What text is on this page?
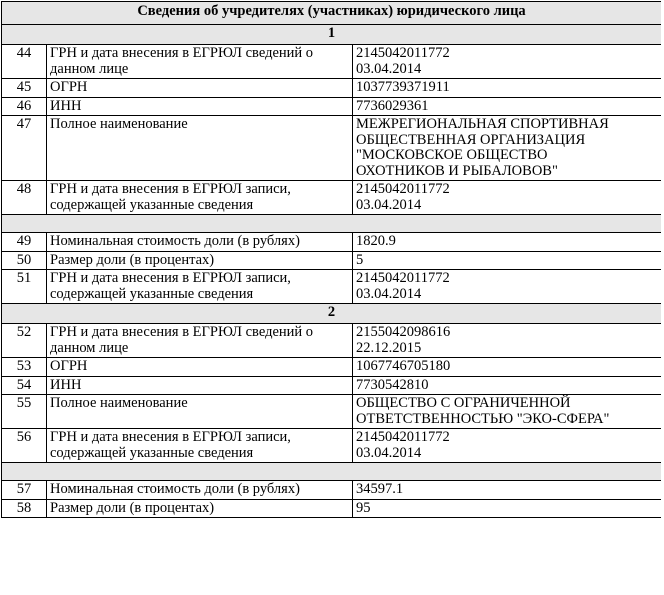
Сведения об учредителях (участниках) юридического лица		
1		
44	ГРН и дата внесения в ЕГРЮЛ сведений о данном лице	2145042011772
03.04.2014

45	ОГРН	1037739371911

46	ИНН	7736029361

47	Полное наименование	МЕЖРЕГИОНАЛЬНАЯ СПОРТИВНАЯ
ОБЩЕСТВЕННАЯ ОРГАНИЗАЦИЯ
"МОСКОВСКОЕ ОБЩЕСТВО
ОХОТНИКОВ И РЫБАЛОВОВ"

48	ГРН и дата внесения в ЕГРЮЛ записи, содержащей указанные сведения	2145042011772
03.04.2014

49	Номинальная стоимость доли (в рублях)	1820.9

50	Размер доли (в процентах)	5

51	ГРН и дата внесения в ЕГРЮЛ записи, содержащей указанные сведения	2145042011772
03.04.2014

2		
52	ГРН и дата внесения в ЕГРЮЛ сведений о данном лице	2155042098616
22.12.2015

53	ОГРН	1067746705180

54	ИНН	7730542810

55	Полное наименование	ОБЩЕСТВО С ОГРАНИЧЕННОЙ
ОТВЕТСТВЕННОСТЬЮ "ЭКО-СФЕРА"

56	ГРН и дата внесения в ЕГРЮЛ записи, содержащей указанные сведения	2145042011772
03.04.2014

57	Номинальная стоимость доли (в рублях)	34597.1

58	Размер доли (в процентах)	95
